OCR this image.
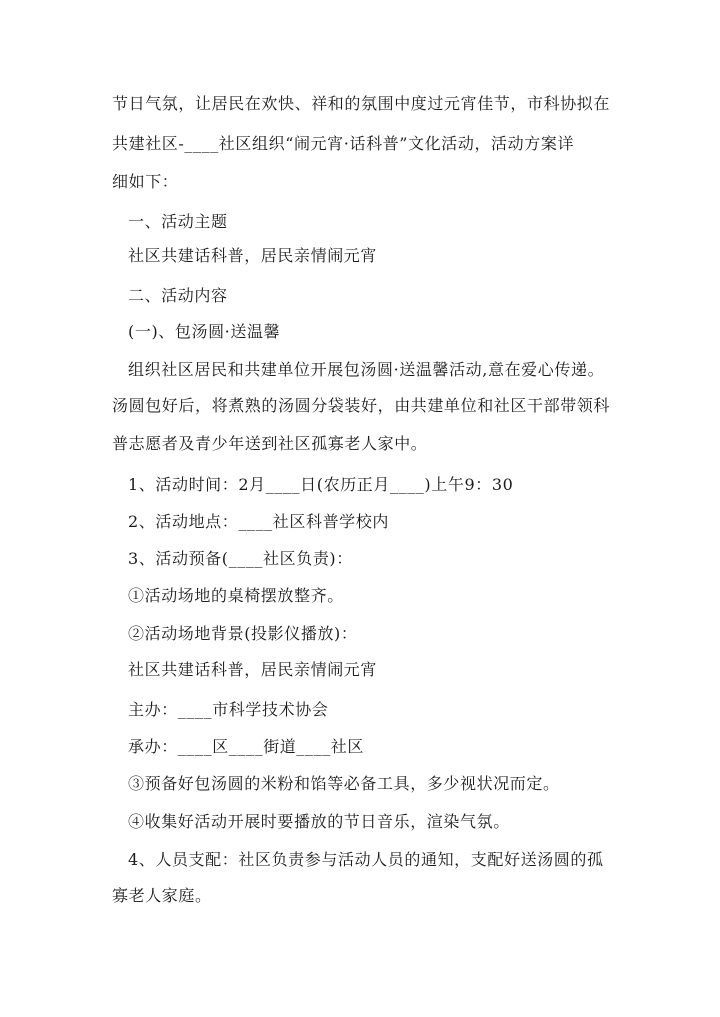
节日气氛，让居民在欢快、祥和的氛围中度过元宵佳节，市科协拟在
共建社区-____社区组织“闹元宵·话科普”文化活动，活动方案详
细如下：
一、活动主题
社区共建话科普，居民亲情闹元宵
二、活动内容
(一)、包汤圆·送温馨
组织社区居民和共建单位开展包汤圆·送温馨活动,意在爱心传递。
汤圆包好后，将煮熟的汤圆分袋装好，由共建单位和社区干部带领科
普志愿者及青少年送到社区孤寡老人家中。
1、活动时间：2月____日(农历正月____)上午9：30
2、活动地点：____社区科普学校内
3、活动预备(____社区负责)：
①活动场地的桌椅摆放整齐。
②活动场地背景(投影仪播放)：
社区共建话科普，居民亲情闹元宵
主办：____市科学技术协会
承办：____区____街道____社区
③预备好包汤圆的米粉和馅等必备工具，多少视状况而定。
④收集好活动开展时要播放的节日音乐，渲染气氛。
4、人员支配：社区负责参与活动人员的通知，支配好送汤圆的孤
寡老人家庭。
